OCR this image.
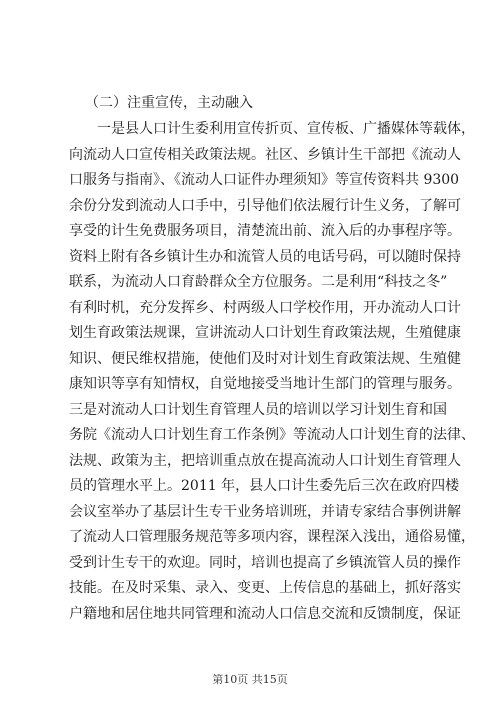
（二）注重宣传，主动融入
一是县人口计生委利用宣传折页、宣传板、广播媒体等载体，
向流动人口宣传相关政策法规。社区、乡镇计生干部把《流动人
口服务与指南》、《流动人口证件办理须知》等宣传资料共 9300
余份分发到流动人口手中，引导他们依法履行计生义务，了解可
享受的计生免费服务项目，清楚流出前、流入后的办事程序等。
资料上附有各乡镇计生办和流管人员的电话号码，可以随时保持
联系，为流动人口育龄群众全方位服务。二是利用“科技之冬”
有利时机，充分发挥乡、村两级人口学校作用，开办流动人口计
划生育政策法规课，宣讲流动人口计划生育政策法规，生殖健康
知识、便民维权措施，使他们及时对计划生育政策法规、生殖健
康知识等享有知情权，自觉地接受当地计生部门的管理与服务。
三是对流动人口计划生育管理人员的培训以学习计划生育和国
务院《流动人口计划生育工作条例》等流动人口计划生育的法律、
法规、政策为主，把培训重点放在提高流动人口计划生育管理人
员的管理水平上。2011 年，县人口计生委先后三次在政府四楼
会议室举办了基层计生专干业务培训班，并请专家结合事例讲解
了流动人口管理服务规范等多项内容，课程深入浅出，通俗易懂，
受到计生专干的欢迎。同时，培训也提高了乡镇流管人员的操作
技能。在及时采集、录入、变更、上传信息的基础上，抓好落实
户籍地和居住地共同管理和流动人口信息交流和反馈制度，保证
第10页 共15页
